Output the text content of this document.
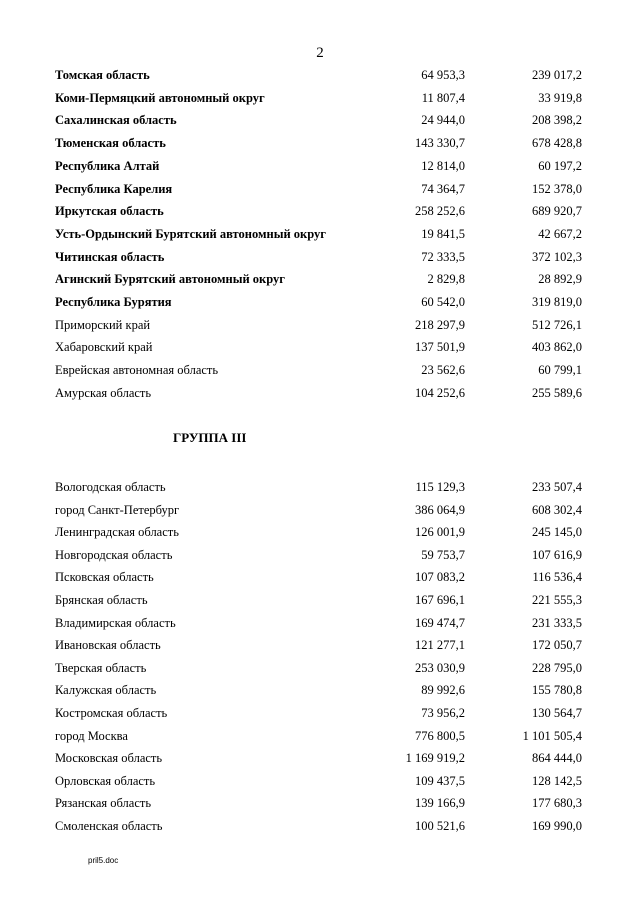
2
Томская область	64 953,3	239 017,2
Коми-Пермяцкий автономный округ	11 807,4	33 919,8
Сахалинская область	24 944,0	208 398,2
Тюменская область	143 330,7	678 428,8
Республика Алтай	12 814,0	60 197,2
Республика Карелия	74 364,7	152 378,0
Иркутская область	258 252,6	689 920,7
Усть-Ордынский Бурятский автономный округ	19 841,5	42 667,2
Читинская область	72 333,5	372 102,3
Агинский Бурятский автономный округ	2 829,8	28 892,9
Республика Бурятия	60 542,0	319 819,0
Приморский край	218 297,9	512 726,1
Хабаровский край	137 501,9	403 862,0
Еврейская автономная область	23 562,6	60 799,1
Амурская область	104 252,6	255 589,6
ГРУППА III
Вологодская область	115 129,3	233 507,4
город Санкт-Петербург	386 064,9	608 302,4
Ленинградская область	126 001,9	245 145,0
Новгородская область	59 753,7	107 616,9
Псковская область	107 083,2	116 536,4
Брянская область	167 696,1	221 555,3
Владимирская область	169 474,7	231 333,5
Ивановская область	121 277,1	172 050,7
Тверская область	253 030,9	228 795,0
Калужская область	89 992,6	155 780,8
Костромская область	73 956,2	130 564,7
город Москва	776 800,5	1 101 505,4
Московская область	1 169 919,2	864 444,0
Орловская область	109 437,5	128 142,5
Рязанская область	139 166,9	177 680,3
Смоленская область	100 521,6	169 990,0
pril5.doc
